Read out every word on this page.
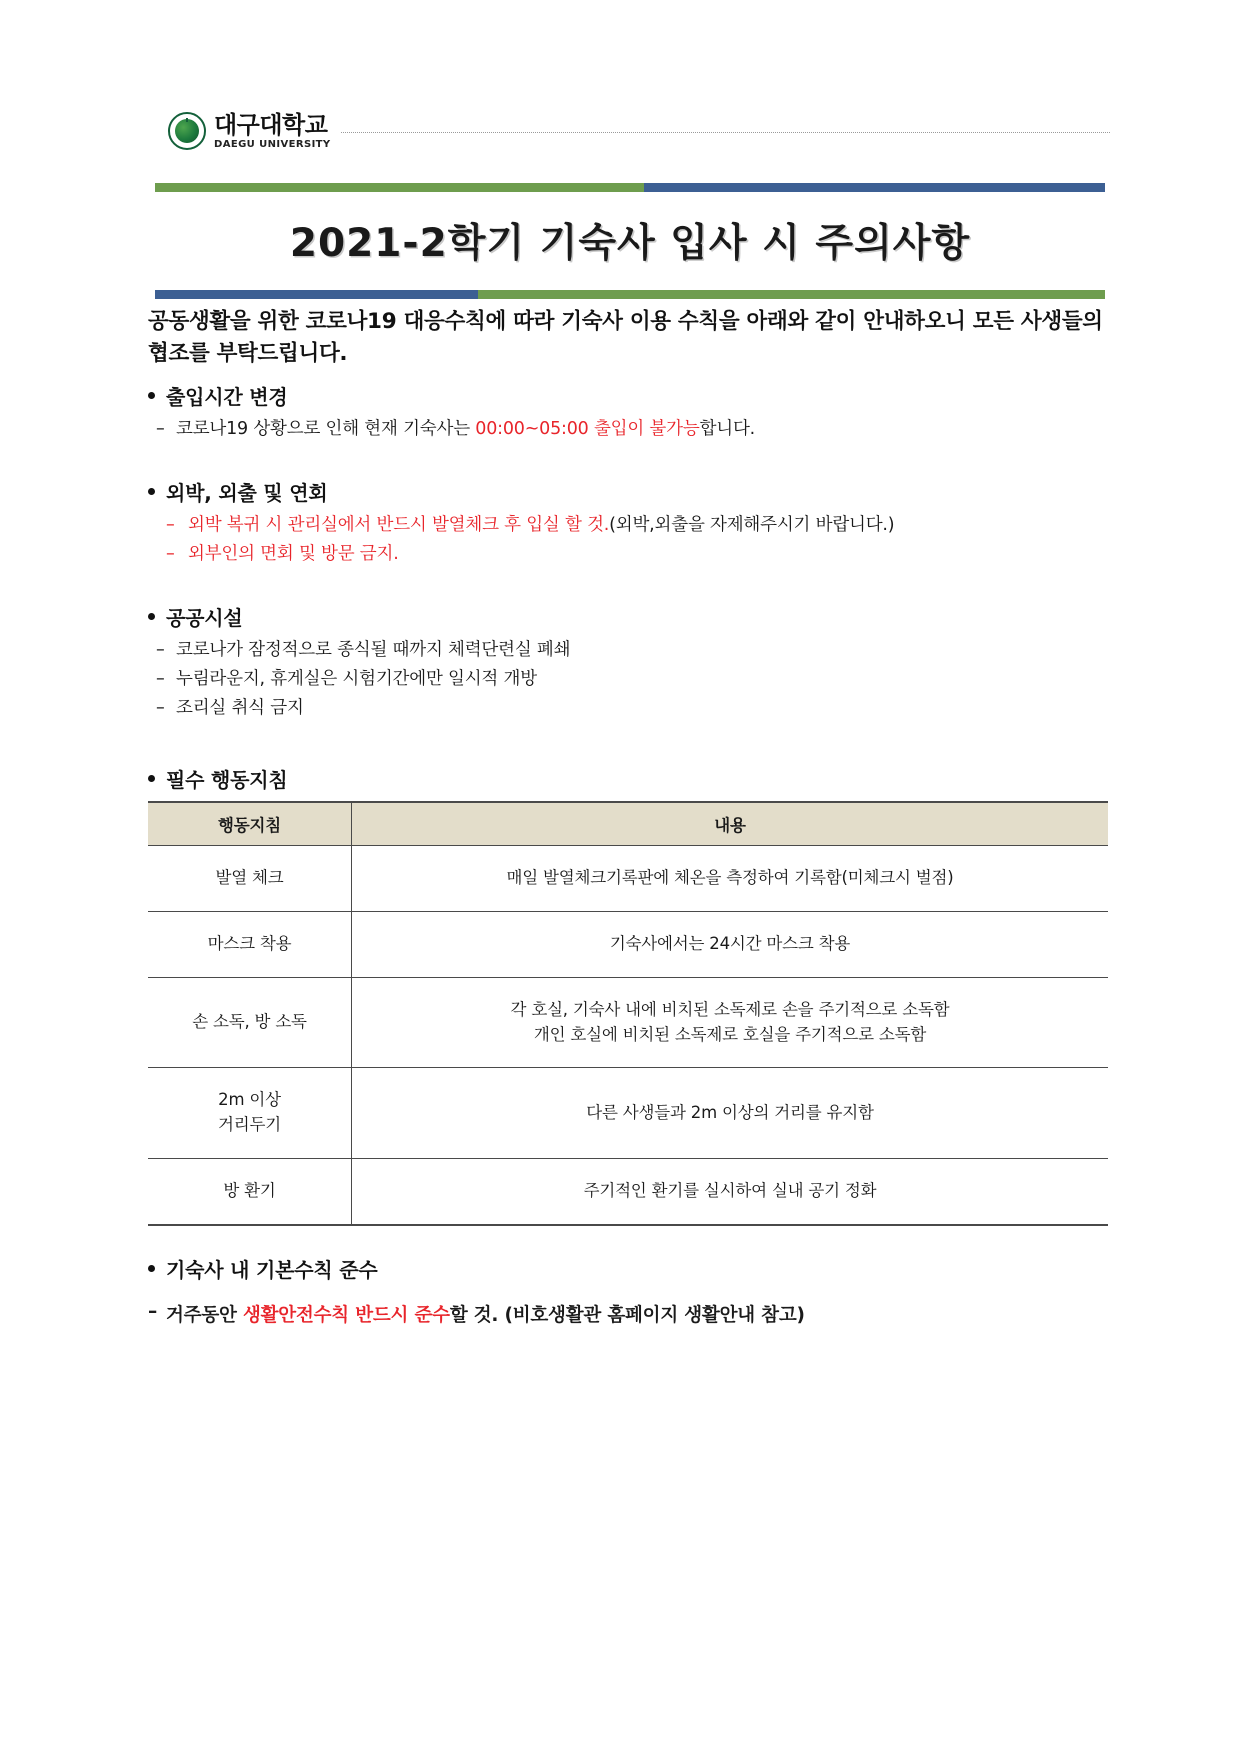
대구대학교
DAEGU UNIVERSITY
2021-2학기 기숙사 입사 시 주의사항

공동생활을 위한 코로나19 대응수칙에 따라 기숙사 이용 수칙을 아래와 같이 안내하오니 모든 사생들의 협조를 부탁드립니다.

출입시간 변경

– 코로나19 상황으로 인해 현재 기숙사는 00:00~05:00 출입이 불가능합니다.

외박, 외출 및 연회

– 외박 복귀 시 관리실에서 반드시 발열체크 후 입실 할 것.(외박,외출을 자제해주시기 바랍니다.)

– 외부인의 면회 및 방문 금지.

공공시설

– 코로나가 잠정적으로 종식될 때까지 체력단련실 폐쇄

– 누림라운지, 휴게실은 시험기간에만 일시적 개방

– 조리실 취식 금지

필수 행동지침
행동지침	내용
발열 체크	매일 발열체크기록판에 체온을 측정하여 기록함(미체크시 벌점)
마스크 착용	기숙사에서는 24시간 마스크 착용
손 소독, 방 소독	각 호실, 기숙사 내에 비치된 소독제로 손을 주기적으로 소독함
개인 호실에 비치된 소독제로 호실을 주기적으로 소독함

2m 이상
거리두기	다른 사생들과 2m 이상의 거리를 유지함
방 환기	주기적인 환기를 실시하여 실내 공기 정화
기숙사 내 기본수칙 준수

– 거주동안 생활안전수칙 반드시 준수할 것. (비호생활관 홈페이지 생활안내 참고)
